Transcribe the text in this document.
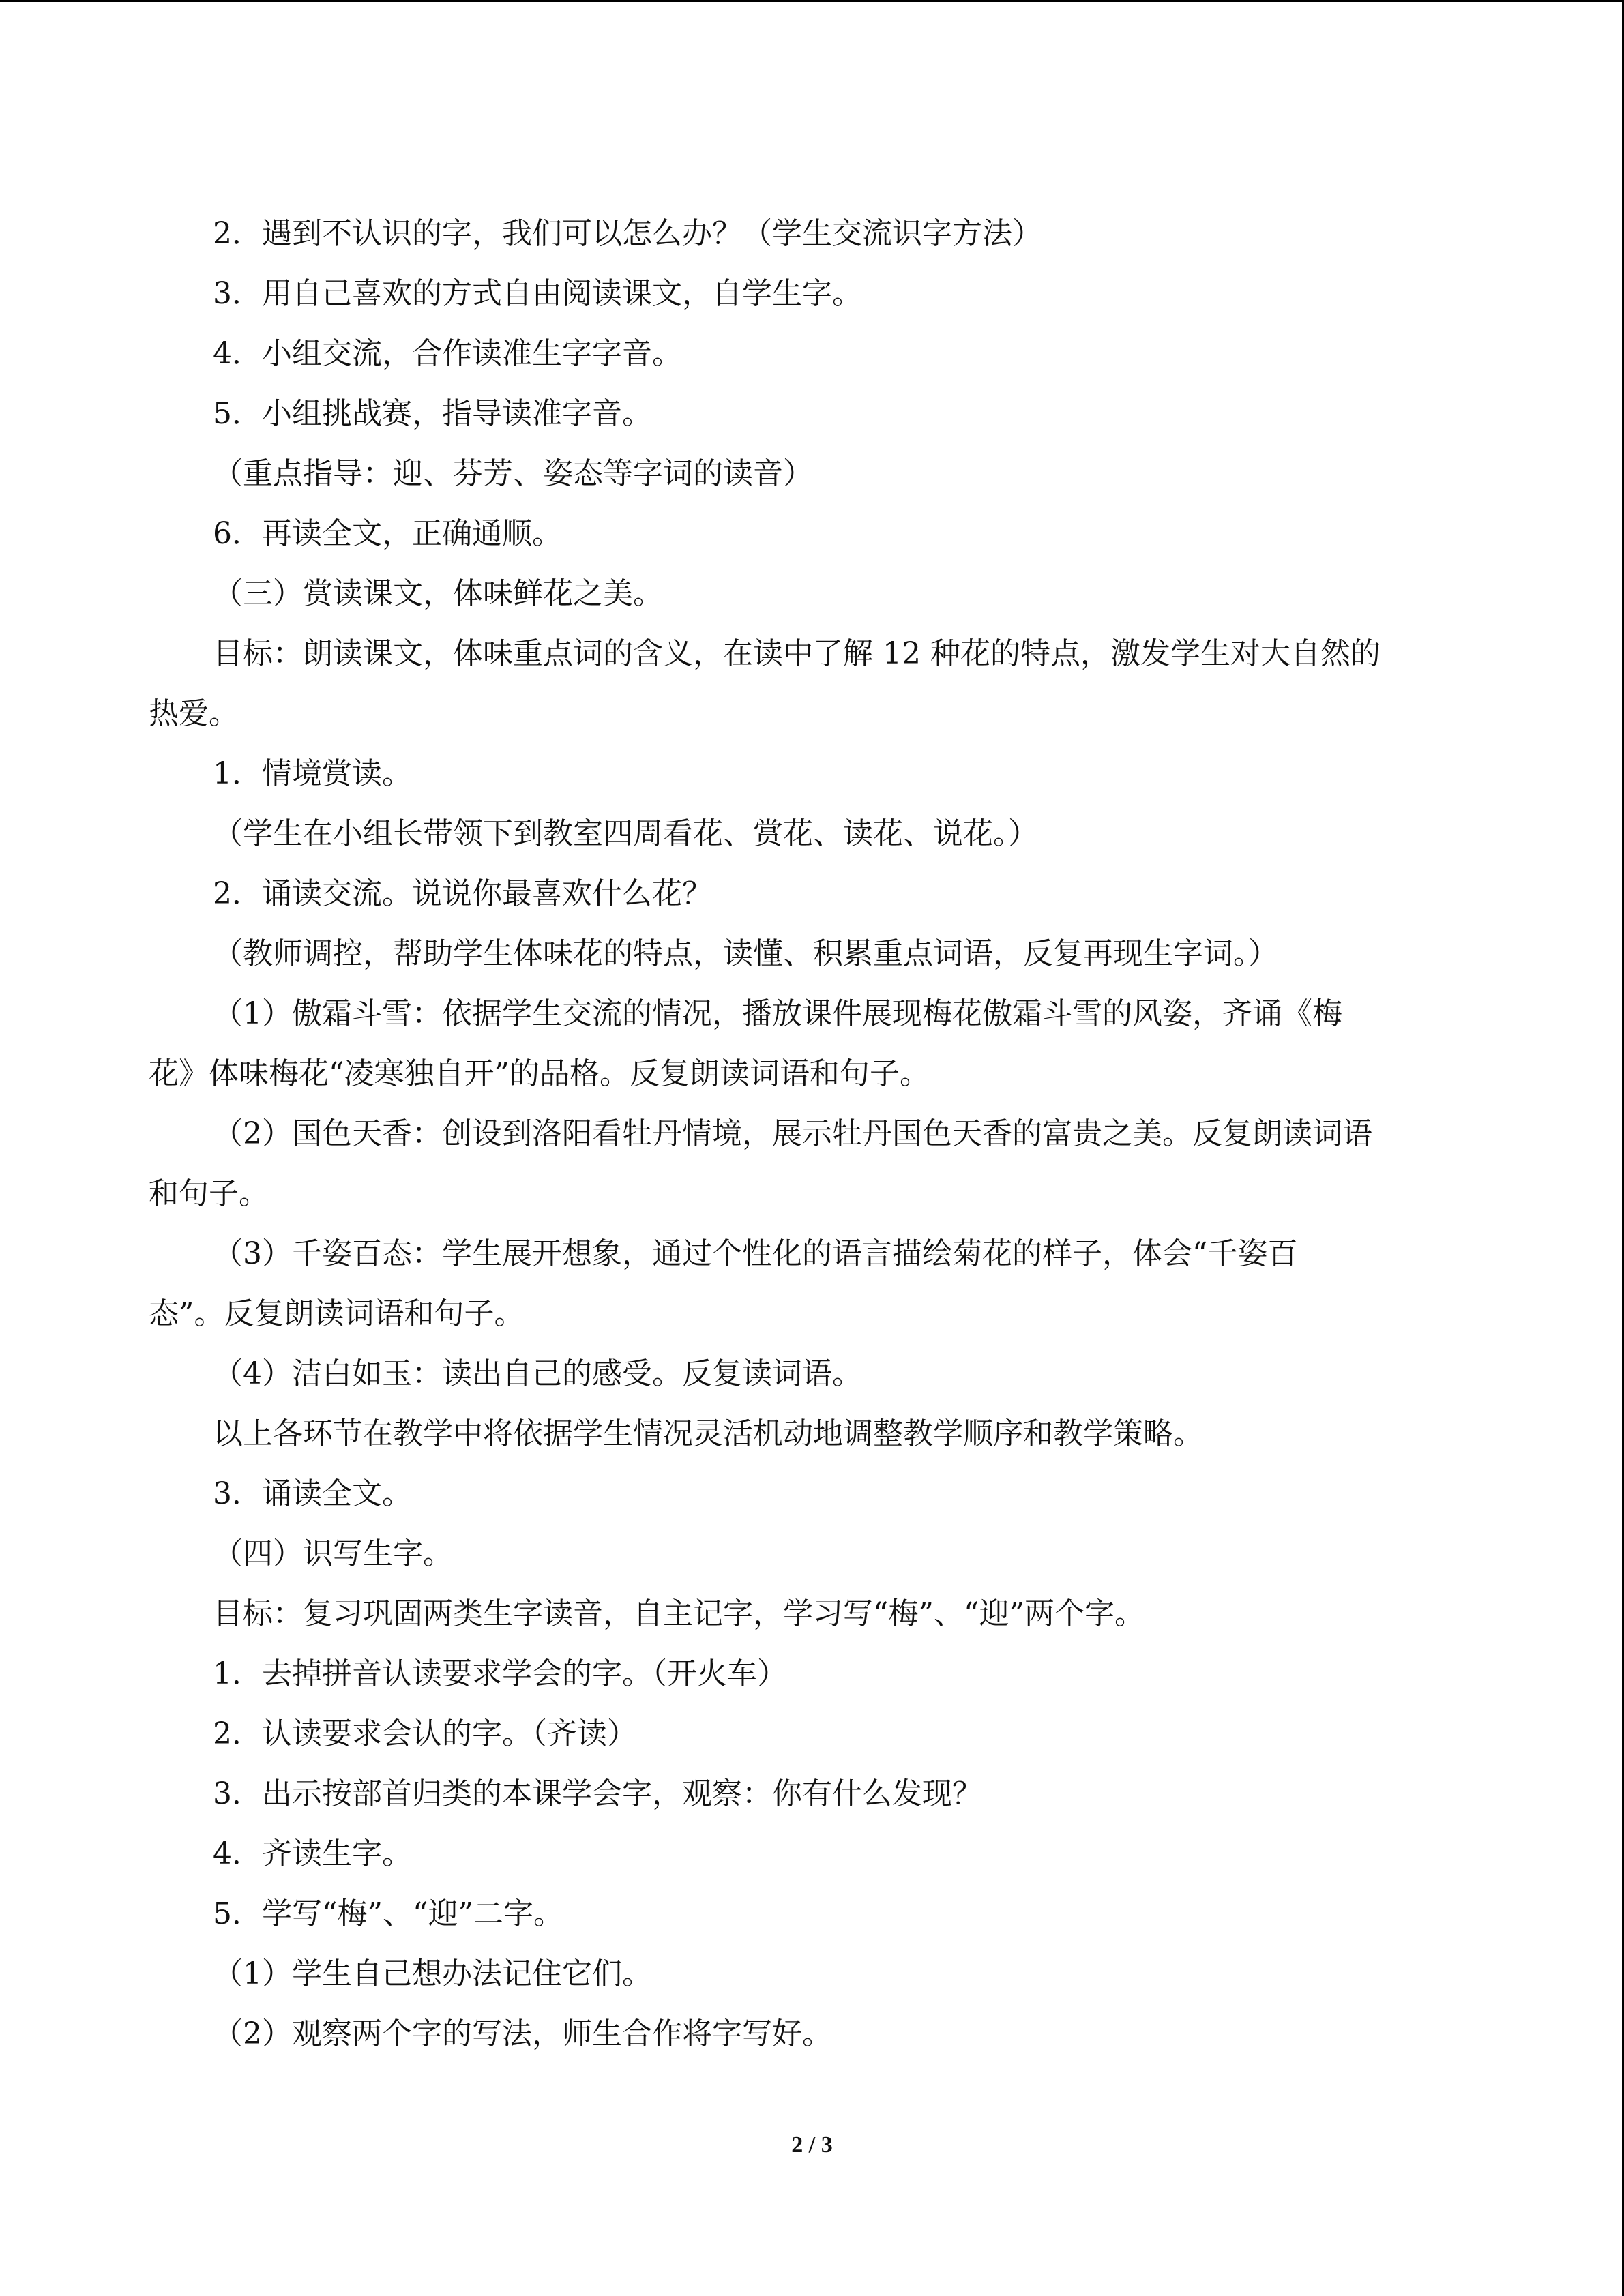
2．遇到不认识的字，我们可以怎么办？（学生交流识字方法）
3．用自己喜欢的方式自由阅读课文，自学生字。
4．小组交流，合作读准生字字音。
5．小组挑战赛，指导读准字音。
（重点指导：迎、芬芳、姿态等字词的读音）
6．再读全文，正确通顺。
（三）赏读课文，体味鲜花之美。
目标：朗读课文，体味重点词的含义，在读中了解 12 种花的特点，激发学生对大自然的
热爱。
1．情境赏读。
（学生在小组长带领下到教室四周看花、赏花、读花、说花。）
2．诵读交流。说说你最喜欢什么花？
（教师调控，帮助学生体味花的特点，读懂、积累重点词语，反复再现生字词。）
（1）傲霜斗雪：依据学生交流的情况，播放课件展现梅花傲霜斗雪的风姿，齐诵《梅
花》体味梅花“凌寒独自开”的品格。反复朗读词语和句子。
（2）国色天香：创设到洛阳看牡丹情境，展示牡丹国色天香的富贵之美。反复朗读词语
和句子。
（3）千姿百态：学生展开想象，通过个性化的语言描绘菊花的样子，体会“千姿百
态”。反复朗读词语和句子。
（4）洁白如玉：读出自己的感受。反复读词语。
以上各环节在教学中将依据学生情况灵活机动地调整教学顺序和教学策略。
3．诵读全文。
（四）识写生字。
目标：复习巩固两类生字读音，自主记字，学习写“梅”、“迎”两个字。
1．去掉拼音认读要求学会的字。（开火车）
2．认读要求会认的字。（齐读）
3．出示按部首归类的本课学会字，观察：你有什么发现？
4．齐读生字。
5．学写“梅”、“迎”二字。
（1）学生自己想办法记住它们。
（2）观察两个字的写法，师生合作将字写好。
2 / 3
